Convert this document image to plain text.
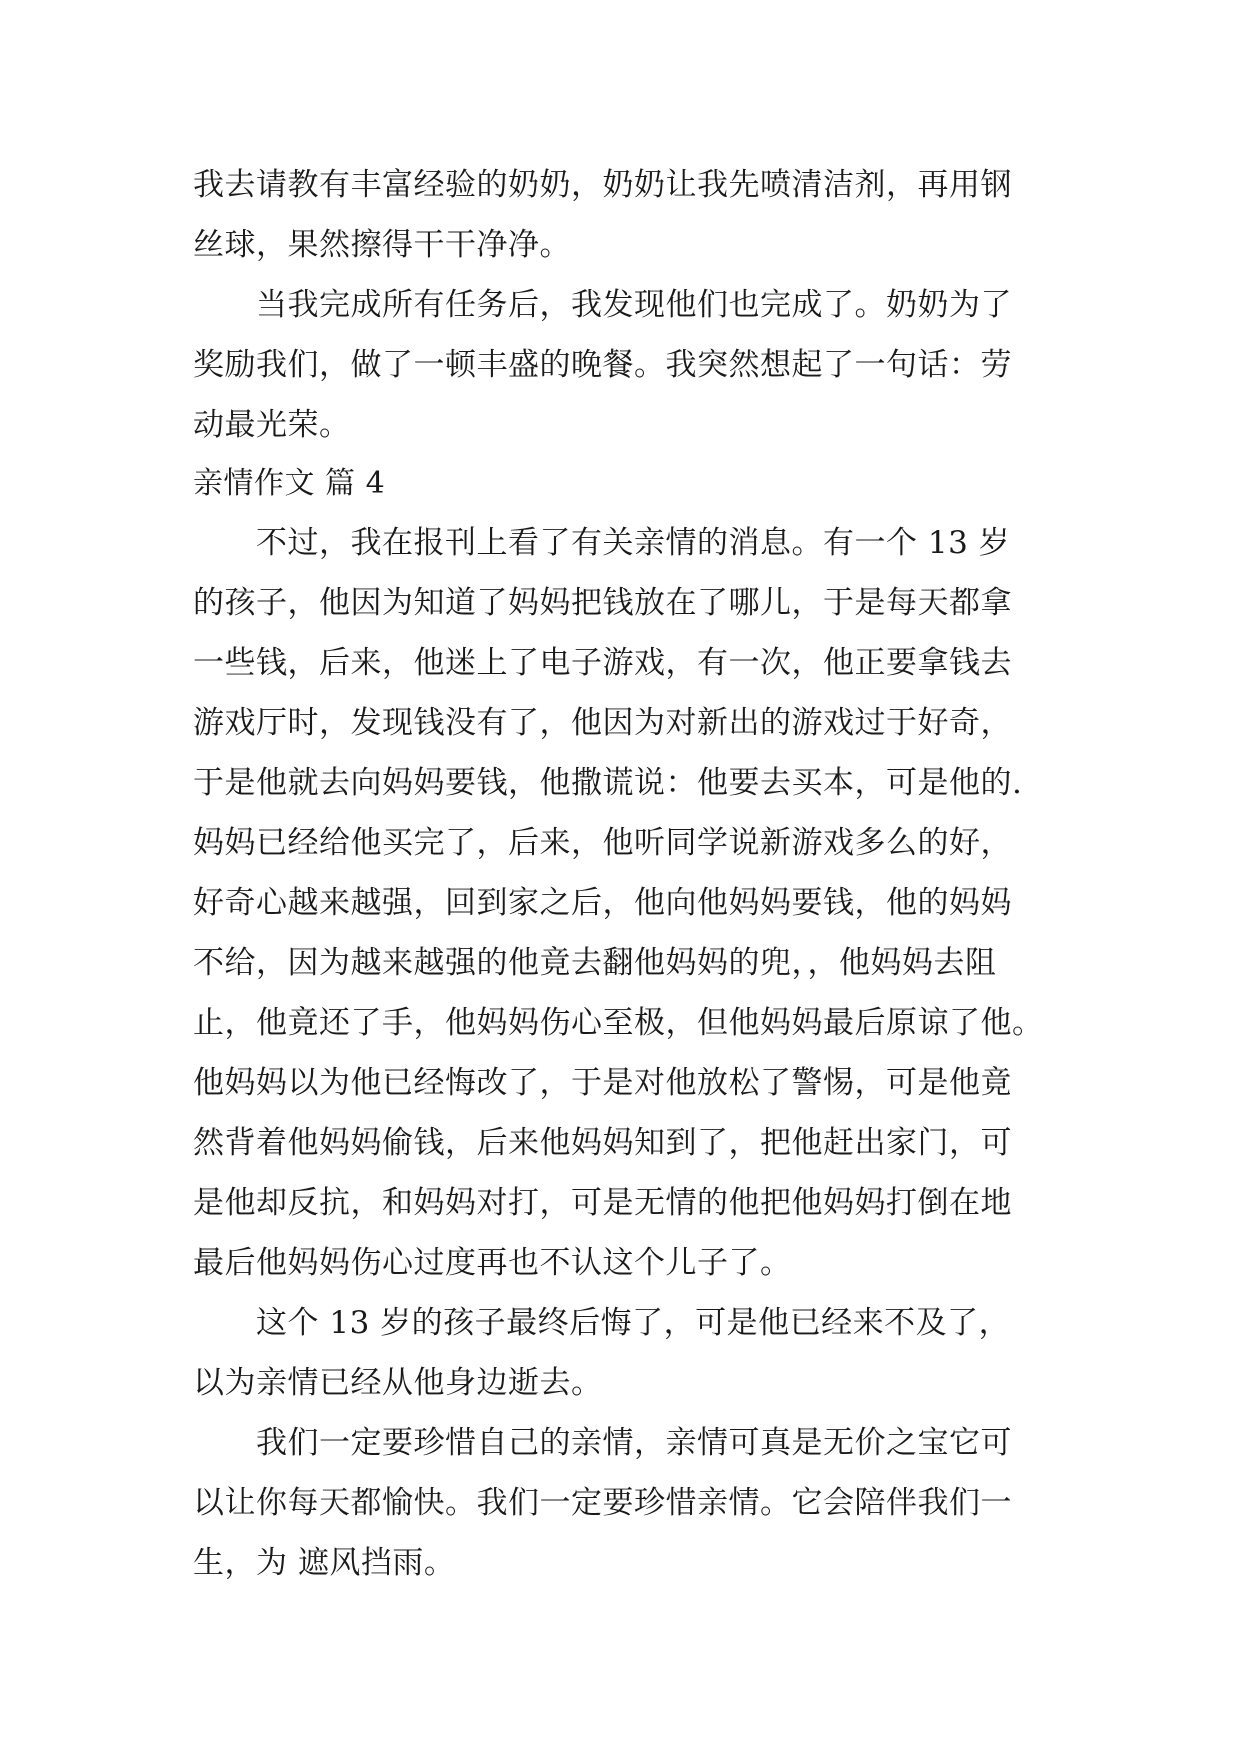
我去请教有丰富经验的奶奶，奶奶让我先喷清洁剂，再用钢
丝球，果然擦得干干净净。
　　当我完成所有任务后，我发现他们也完成了。奶奶为了
奖励我们，做了一顿丰盛的晚餐。我突然想起了一句话：劳
动最光荣。
亲情作文 篇 4
　　不过，我在报刊上看了有关亲情的消息。有一个 13 岁
的孩子，他因为知道了妈妈把钱放在了哪儿，于是每天都拿
一些钱，后来，他迷上了电子游戏，有一次，他正要拿钱去
游戏厅时，发现钱没有了，他因为对新出的游戏过于好奇，
于是他就去向妈妈要钱，他撒谎说：他要去买本，可是他的.
妈妈已经给他买完了，后来，他听同学说新游戏多么的好，
好奇心越来越强，回到家之后，他向他妈妈要钱，他的妈妈
不给，因为越来越强的他竟去翻他妈妈的兜，，他妈妈去阻
止，他竟还了手，他妈妈伤心至极，但他妈妈最后原谅了他。
他妈妈以为他已经悔改了，于是对他放松了警惕，可是他竟
然背着他妈妈偷钱，后来他妈妈知到了，把他赶出家门，可
是他却反抗，和妈妈对打，可是无情的他把他妈妈打倒在地
最后他妈妈伤心过度再也不认这个儿子了。
　　这个 13 岁的孩子最终后悔了，可是他已经来不及了，
以为亲情已经从他身边逝去。
　　我们一定要珍惜自己的亲情，亲情可真是无价之宝它可
以让你每天都愉快。我们一定要珍惜亲情。它会陪伴我们一
生，为 遮风挡雨。
